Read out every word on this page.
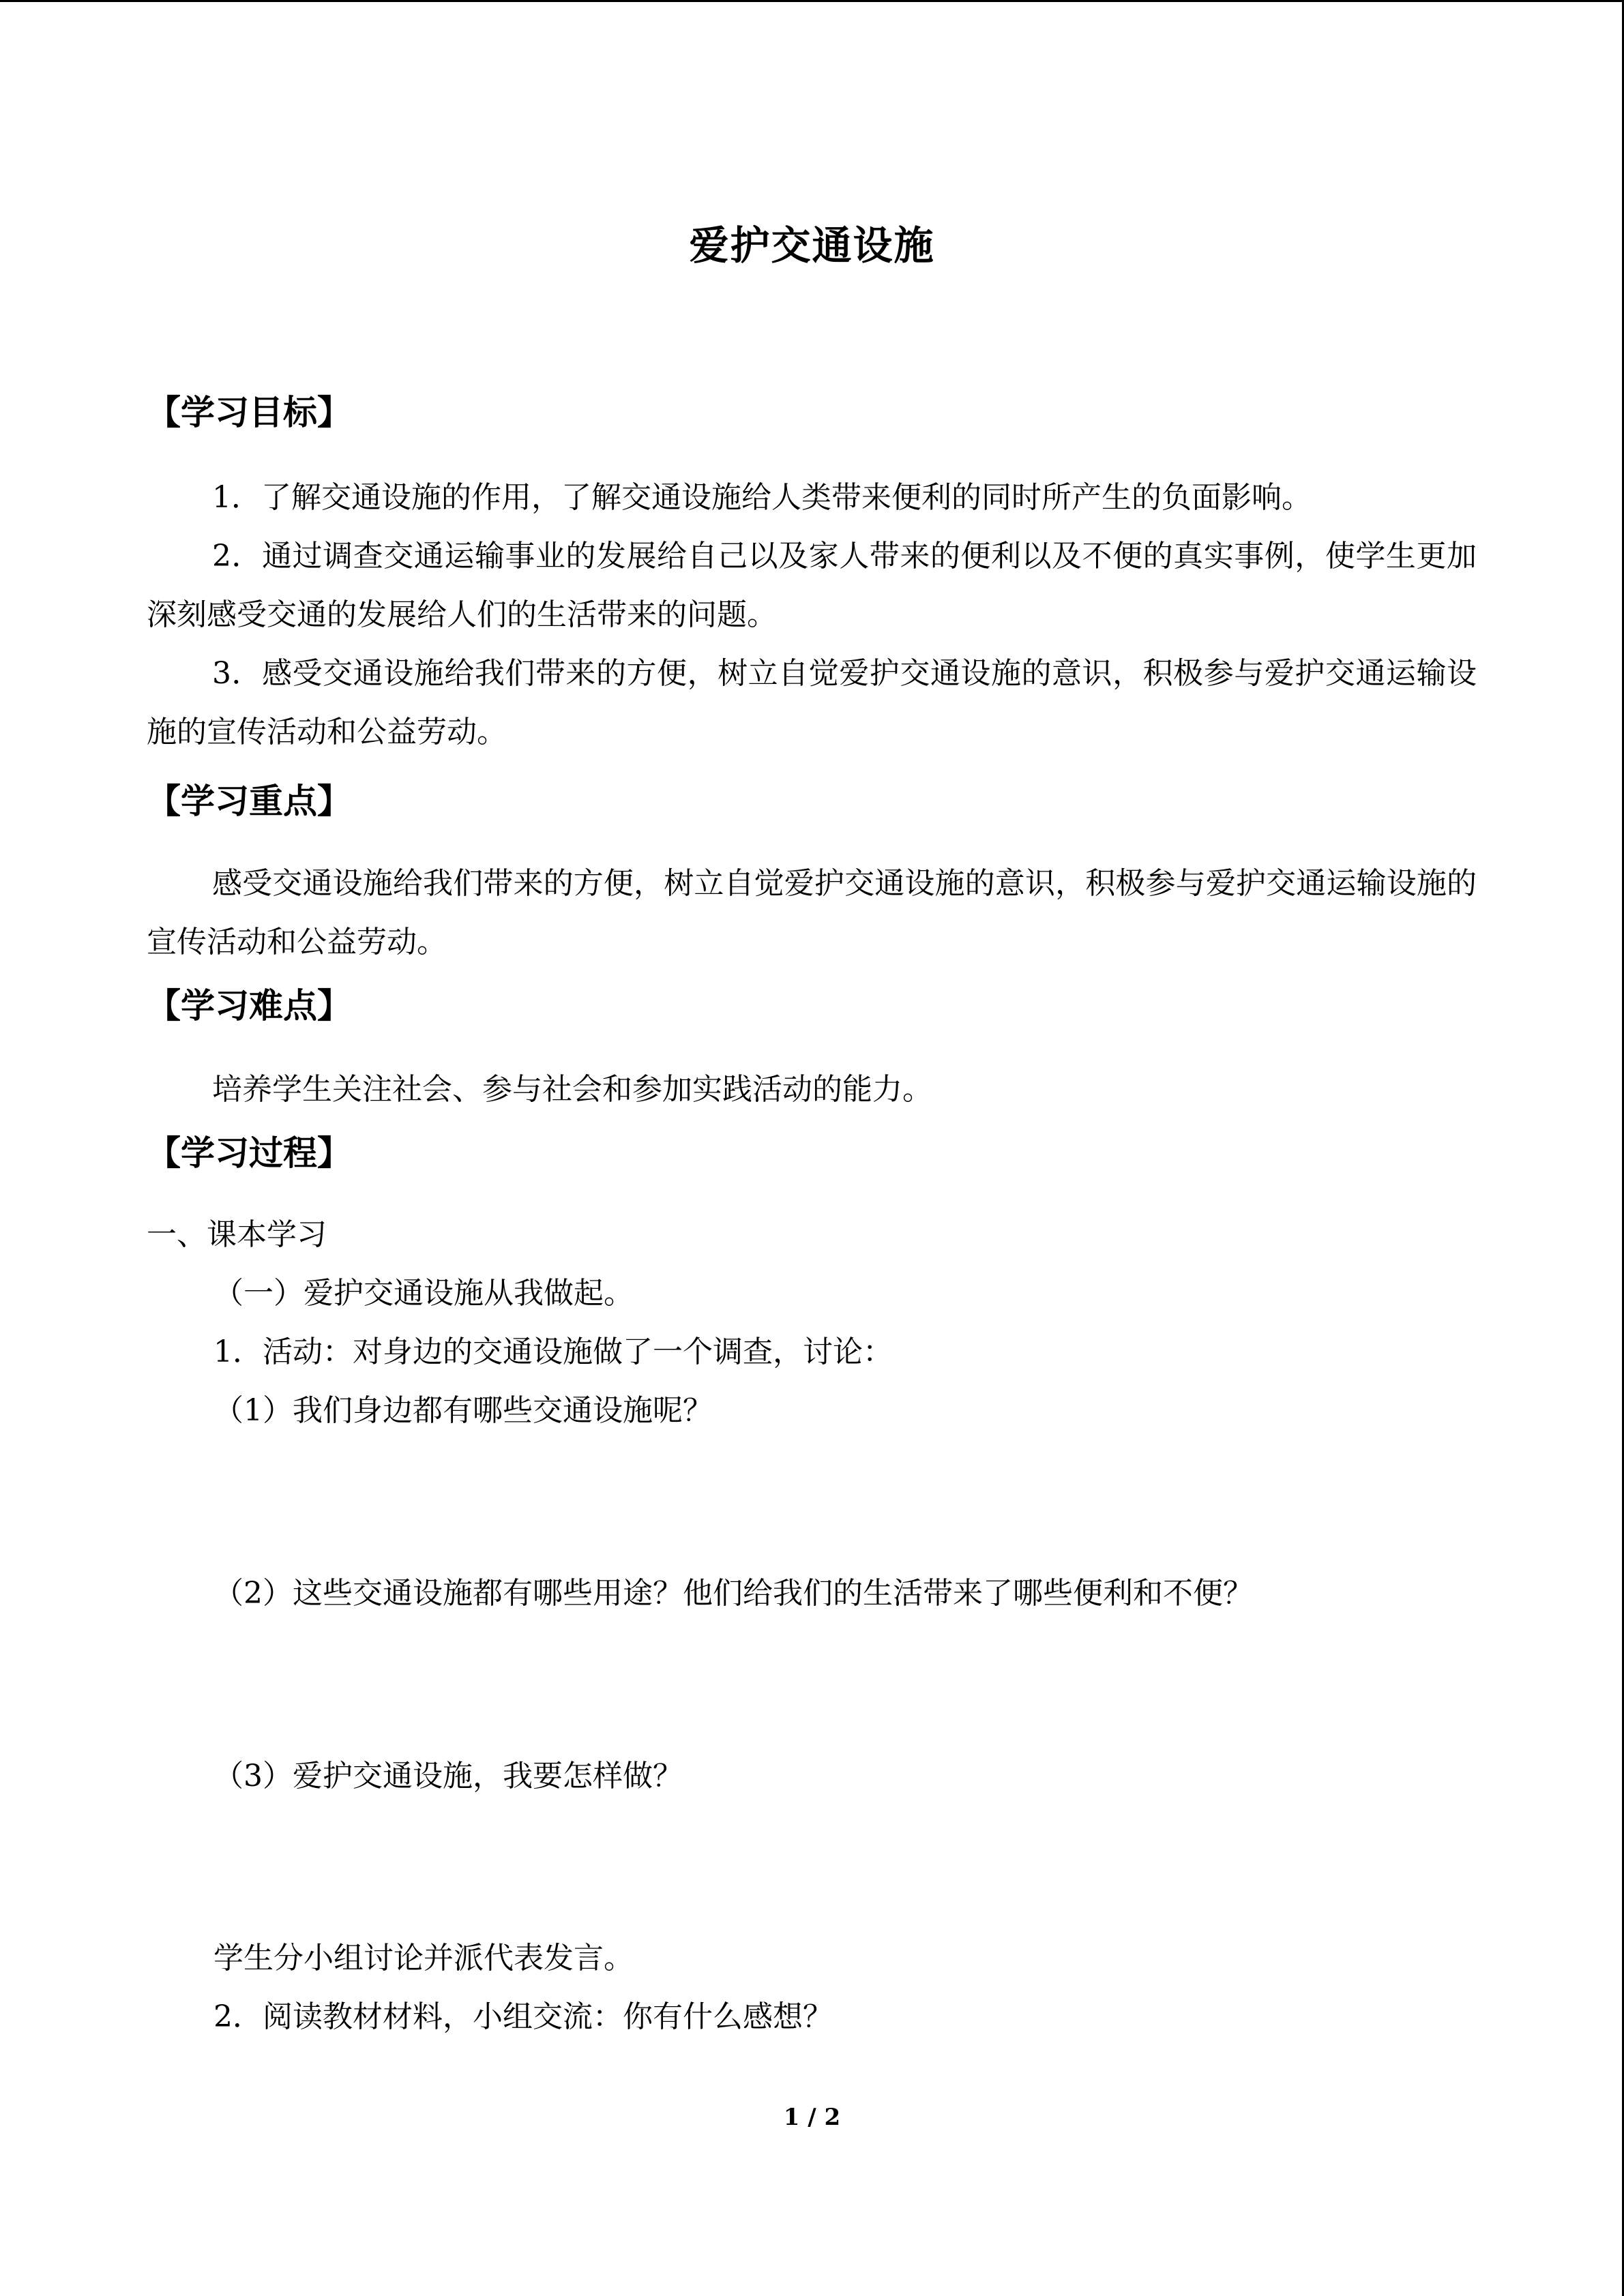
爱护交通设施
【学习目标】
1．了解交通设施的作用，了解交通设施给人类带来便利的同时所产生的负面影响。
2．通过调查交通运输事业的发展给自己以及家人带来的便利以及不便的真实事例，使学生更加深刻感受交通的发展给人们的生活带来的问题。
3．感受交通设施给我们带来的方便，树立自觉爱护交通设施的意识，积极参与爱护交通运输设施的宣传活动和公益劳动。
【学习重点】
感受交通设施给我们带来的方便，树立自觉爱护交通设施的意识，积极参与爱护交通运输设施的宣传活动和公益劳动。
【学习难点】
培养学生关注社会、参与社会和参加实践活动的能力。
【学习过程】
一、课本学习
（一）爱护交通设施从我做起。
1．活动：对身边的交通设施做了一个调查，讨论：
（1）我们身边都有哪些交通设施呢？
（2）这些交通设施都有哪些用途？他们给我们的生活带来了哪些便利和不便？
（3）爱护交通设施，我要怎样做？
学生分小组讨论并派代表发言。
2．阅读教材材料，小组交流：你有什么感想？
1 / 2
